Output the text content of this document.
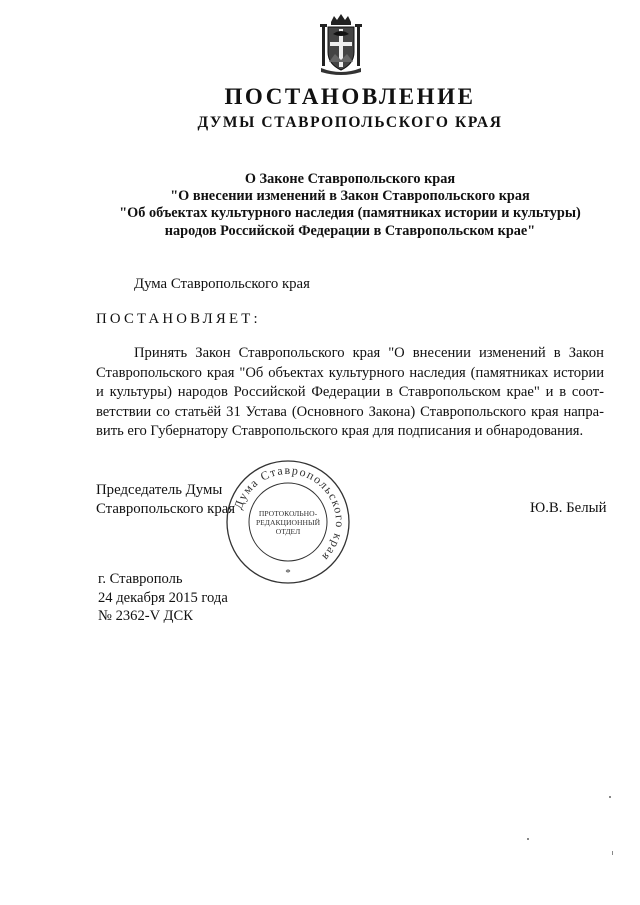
ПОСТАНОВЛЕНИЕ
ДУМЫ СТАВРОПОЛЬСКОГО КРАЯ
О Законе Ставропольского края
"О внесении изменений в Закон Ставропольского края
"Об объектах культурного наследия (памятниках истории и культуры)
народов Российской Федерации в Ставропольском крае"
Дума Ставропольского края
ПОСТАНОВЛЯЕТ:
Принять Закон Ставропольского края "О внесении изменений в Закон
Ставропольского края "Об объектах культурного наследия (памятниках истории
и культуры) народов Российской Федерации в Ставропольском крае" и в соот-
ветствии со статьёй 31 Устава (Основного Закона) Ставропольского края напра-
вить его Губернатору Ставропольского края для подписания и обнародования.
Председатель Думы
Ставропольского края	Ю.В. Белый
Дума Ставропольского края
ПРОТОКОЛЬНО-
РЕДАКЦИОННЫЙ
ОТДЕЛ
*
г. Ставрополь
24 декабря 2015 года
№ 2362-V ДСК
